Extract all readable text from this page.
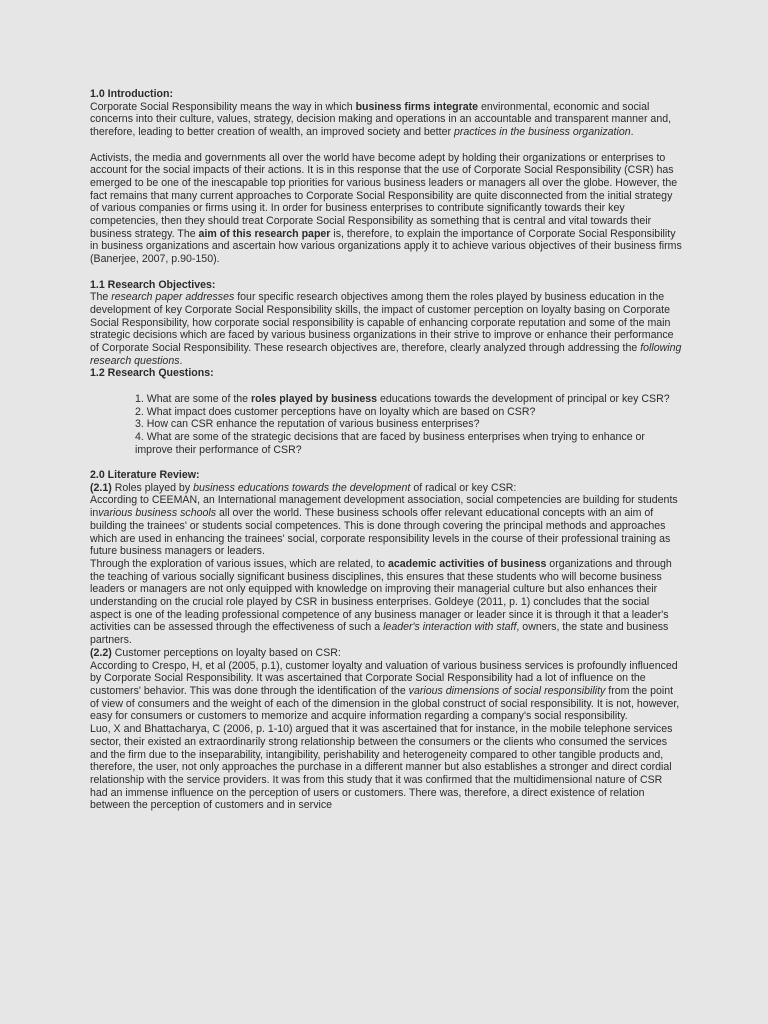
1.0 Introduction:

Corporate Social Responsibility means the way in which business firms integrate environmental, economic and social concerns into their culture, values, strategy, decision making and operations in an accountable and transparent manner and, therefore, leading to better creation of wealth, an improved society and better practices in the business organization.

Activists, the media and governments all over the world have become adept by holding their organizations or enterprises to account for the social impacts of their actions. It is in this response that the use of Corporate Social Responsibility (CSR) has emerged to be one of the inescapable top priorities for various business leaders or managers all over the globe. However, the fact remains that many current approaches to Corporate Social Responsibility are quite disconnected from the initial strategy of various companies or firms using it. In order for business enterprises to contribute significantly towards their key competencies, then they should treat Corporate Social Responsibility as something that is central and vital towards their business strategy. The aim of this research paper is, therefore, to explain the importance of Corporate Social Responsibility in business organizations and ascertain how various organizations apply it to achieve various objectives of their business firms (Banerjee, 2007, p.90-150).

1.1 Research Objectives:

The research paper addresses four specific research objectives among them the roles played by business education in the development of key Corporate Social Responsibility skills, the impact of customer perception on loyalty basing on Corporate Social Responsibility, how corporate social responsibility is capable of enhancing corporate reputation and some of the main strategic decisions which are faced by various business organizations in their strive to improve or enhance their performance of Corporate Social Responsibility. These research objectives are, therefore, clearly analyzed through addressing the following research questions.

1.2 Research Questions:

1. What are some of the roles played by business educations towards the development of principal or key CSR?

2. What impact does customer perceptions have on loyalty which are based on CSR?

3. How can CSR enhance the reputation of various business enterprises?

4. What are some of the strategic decisions that are faced by business enterprises when trying to enhance or improve their performance of CSR?

2.0 Literature Review:

(2.1) Roles played by business educations towards the development of radical or key CSR:

According to CEEMAN, an International management development association, social competencies are building for students invarious business schools all over the world. These business schools offer relevant educational concepts with an aim of building the trainees' or students social competences. This is done through covering the principal methods and approaches which are used in enhancing the trainees' social, corporate responsibility levels in the course of their professional training as future business managers or leaders.

Through the exploration of various issues, which are related, to academic activities of business organizations and through the teaching of various socially significant business disciplines, this ensures that these students who will become business leaders or managers are not only equipped with knowledge on improving their managerial culture but also enhances their understanding on the crucial role played by CSR in business enterprises. Goldeye (2011, p. 1) concludes that the social aspect is one of the leading professional competence of any business manager or leader since it is through it that a leader's activities can be assessed through the effectiveness of such a leader's interaction with staff, owners, the state and business partners.

(2.2) Customer perceptions on loyalty based on CSR:

According to Crespo, H, et al (2005, p.1), customer loyalty and valuation of various business services is profoundly influenced by Corporate Social Responsibility. It was ascertained that Corporate Social Responsibility had a lot of influence on the customers' behavior. This was done through the identification of the various dimensions of social responsibility from the point of view of consumers and the weight of each of the dimension in the global construct of social responsibility. It is not, however, easy for consumers or customers to memorize and acquire information regarding a company's social responsibility.

Luo, X and Bhattacharya, C (2006, p. 1-10) argued that it was ascertained that for instance, in the mobile telephone services sector, their existed an extraordinarily strong relationship between the consumers or the clients who consumed the services and the firm due to the inseparability, intangibility, perishability and heterogeneity compared to other tangible products and, therefore, the user, not only approaches the purchase in a different manner but also establishes a stronger and direct cordial relationship with the service providers. It was from this study that it was confirmed that the multidimensional nature of CSR had an immense influence on the perception of users or customers. There was, therefore, a direct existence of relation between the perception of customers and in service
